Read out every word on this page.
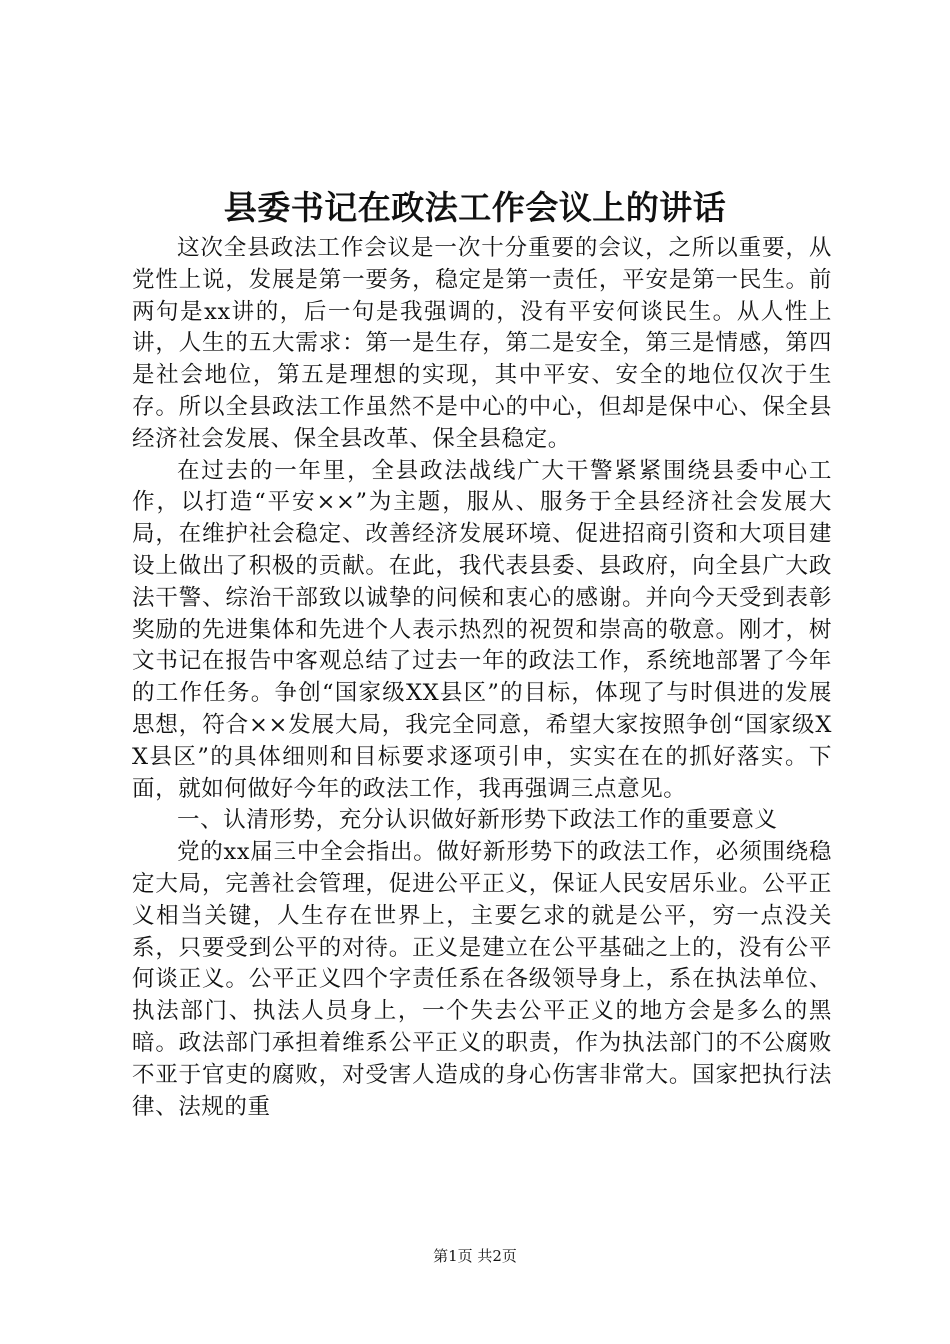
县委书记在政法工作会议上的讲话

这次全县政法工作会议是一次十分重要的会议，之所以重要，从党性上说，发展是第一要务，稳定是第一责任，平安是第一民生。前两句是xx讲的，后一句是我强调的，没有平安何谈民生。从人性上讲，人生的五大需求：第一是生存，第二是安全，第三是情感，第四是社会地位，第五是理想的实现，其中平安、安全的地位仅次于生存。所以全县政法工作虽然不是中心的中心，但却是保中心、保全县经济社会发展、保全县改革、保全县稳定。

在过去的一年里，全县政法战线广大干警紧紧围绕县委中心工作，以打造“平安××”为主题，服从、服务于全县经济社会发展大局，在维护社会稳定、改善经济发展环境、促进招商引资和大项目建设上做出了积极的贡献。在此，我代表县委、县政府，向全县广大政法干警、综治干部致以诚挚的问候和衷心的感谢。并向今天受到表彰奖励的先进集体和先进个人表示热烈的祝贺和崇高的敬意。刚才，树文书记在报告中客观总结了过去一年的政法工作，系统地部署了今年的工作任务。争创“国家级XX县区”的目标，体现了与时俱进的发展思想，符合××发展大局，我完全同意，希望大家按照争创“国家级XX县区”的具体细则和目标要求逐项引申，实实在在的抓好落实。下面，就如何做好今年的政法工作，我再强调三点意见。

一、认清形势，充分认识做好新形势下政法工作的重要意义

党的xx届三中全会指出。做好新形势下的政法工作，必须围绕稳定大局，完善社会管理，促进公平正义，保证人民安居乐业。公平正义相当关键，人生存在世界上，主要乞求的就是公平，穷一点没关系，只要受到公平的对待。正义是建立在公平基础之上的，没有公平何谈正义。公平正义四个字责任系在各级领导身上，系在执法单位、执法部门、执法人员身上，一个失去公平正义的地方会是多么的黑暗。政法部门承担着维系公平正义的职责，作为执法部门的不公腐败不亚于官吏的腐败，对受害人造成的身心伤害非常大。国家把执行法律、法规的重

第1页 共2页
